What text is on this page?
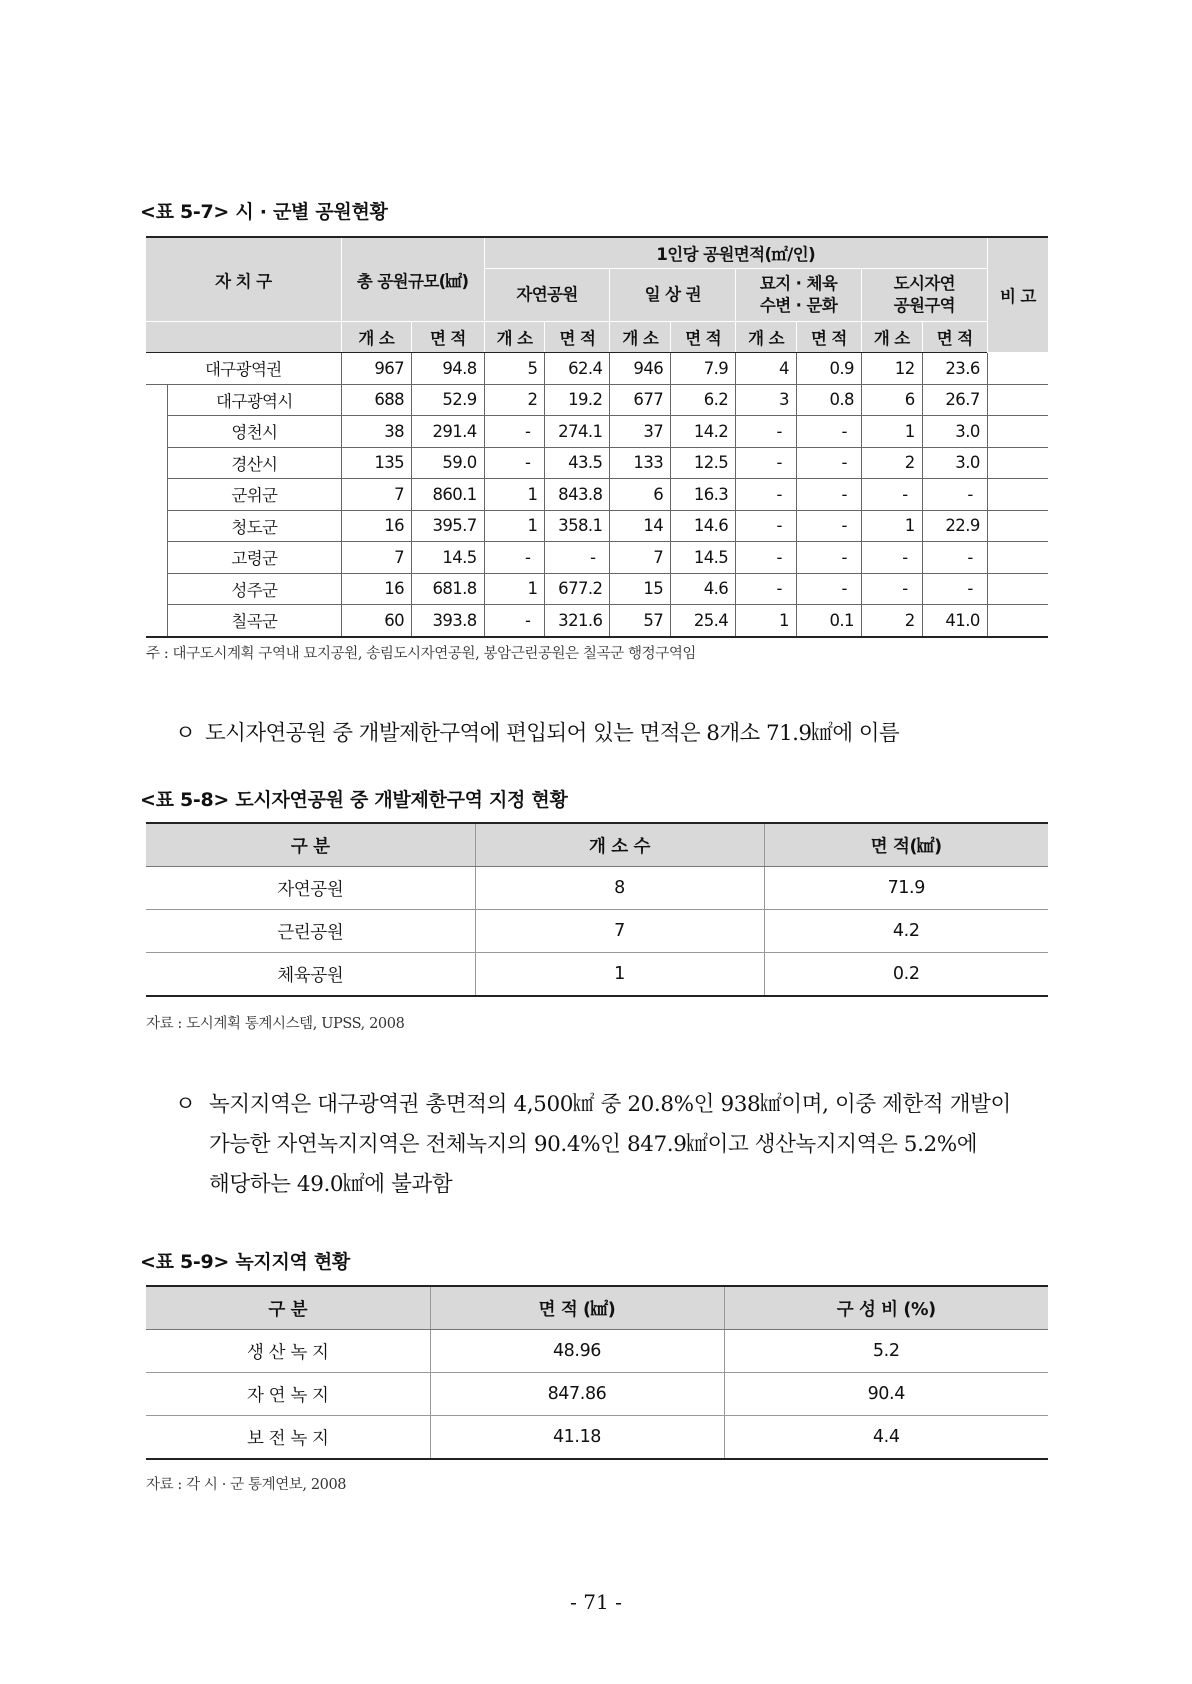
<표 5-7> 시 · 군별 공원현황
자 치 구		총 공원규모(㎢)		1인당 공원면적(㎡/인)								비 고
				자연공원		일 상 권		묘지 · 체육 수변 · 문화		도시자연 공원구역		
		개 소	면 적	개 소	면 적	개 소	면 적	개 소	면 적	개 소	면 적	
대구광역권		967	94.8	5	62.4	946	7.9	4	0.9	12	23.6	
	대구광역시	688	52.9	2	19.2	677	6.2	3	0.8	6	26.7	
	영천시	38	291.4	-	274.1	37	14.2	-	-	1	3.0	
	경산시	135	59.0	-	43.5	133	12.5	-	-	2	3.0	
	군위군	7	860.1	1	843.8	6	16.3	-	-	-	-	
	청도군	16	395.7	1	358.1	14	14.6	-	-	1	22.9	
	고령군	7	14.5	-	-	7	14.5	-	-	-	-	
	성주군	16	681.8	1	677.2	15	4.6	-	-	-	-	
	칠곡군	60	393.8	-	321.6	57	25.4	1	0.1	2	41.0	
주 : 대구도시계획 구역내 묘지공원, 송림도시자연공원, 봉암근린공원은 칠곡군 행정구역임
ㅇ 도시자연공원 중 개발제한구역에 편입되어 있는 면적은 8개소 71.9㎢에 이름
<표 5-8> 도시자연공원 중 개발제한구역 지정 현황
구 분	개 소 수	면 적(㎢)
자연공원	8	71.9
근린공원	7	4.2
체육공원	1	0.2
자료 : 도시계획 통계시스템, UPSS, 2008
ㅇ 녹지지역은 대구광역권 총면적의 4,500㎢ 중 20.8%인 938㎢이며, 이중 제한적 개발이
가능한 자연녹지지역은 전체녹지의 90.4%인 847.9㎢이고 생산녹지지역은 5.2%에
해당하는 49.0㎢에 불과함
<표 5-9> 녹지지역 현황
구 분	면 적 (㎢)	구 성 비 (%)
생 산 녹 지	48.96	5.2
자 연 녹 지	847.86	90.4
보 전 녹 지	41.18	4.4
자료 : 각 시 · 군 통계연보, 2008
- 71 -
